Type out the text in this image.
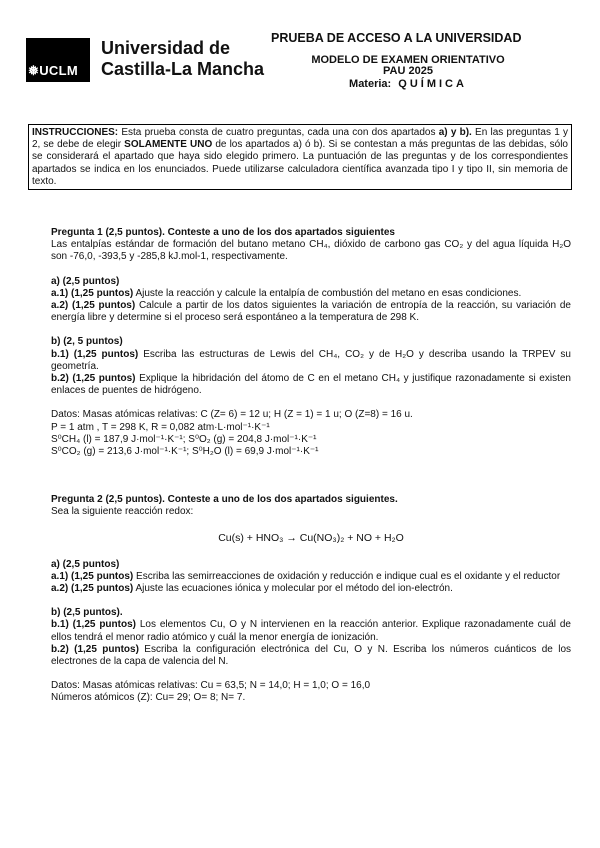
❅UCLM
Universidad de
Castilla-La Mancha
PRUEBA DE ACCESO A LA UNIVERSIDAD
MODELO DE EXAMEN ORIENTATIVO
PAU 2025
Materia: QUÍMICA
INSTRUCCIONES: Esta prueba consta de cuatro preguntas, cada una con dos apartados a) y b). En las preguntas 1 y 2, se debe de elegir SOLAMENTE UNO de los apartados a) ó b). Si se contestan a más preguntas de las debidas, sólo se considerará el apartado que haya sido elegido primero. La puntuación de las preguntas y de los correspondientes apartados se indica en los enunciados. Puede utilizarse calculadora científica avanzada tipo I y tipo II, sin memoria de texto.

Pregunta 1 (2,5 puntos). Conteste a uno de los dos apartados siguientes

Las entalpías estándar de formación del butano metano CH₄, dióxido de carbono gas CO₂ y del agua líquida H₂O son -76,0, -393,5 y -285,8 kJ.mol-1, respectivamente.

a) (2,5 puntos)

a.1) (1,25 puntos) Ajuste la reacción y calcule la entalpía de combustión del metano en esas condiciones.

a.2) (1,25 puntos) Calcule a partir de los datos siguientes la variación de entropía de la reacción, su variación de energía libre y determine si el proceso será espontáneo a la temperatura de 298 K.

b) (2, 5 puntos)

b.1) (1,25 puntos) Escriba las estructuras de Lewis del CH₄, CO₂ y de H₂O y describa usando la TRPEV su geometría.

b.2) (1,25 puntos) Explique la hibridación del átomo de C en el metano CH₄ y justifique razonadamente si existen enlaces de puentes de hidrógeno.

Datos: Masas atómicas relativas: C (Z= 6) = 12 u; H (Z = 1) = 1 u; O (Z=8) = 16 u.

P = 1 atm , T = 298 K, R = 0,082 atm·L·mol⁻¹·K⁻¹

S⁰CH₄ (l) = 187,9 J·mol⁻¹·K⁻¹; S⁰O₂ (g) = 204,8 J·mol⁻¹·K⁻¹

S⁰CO₂ (g) = 213,6 J·mol⁻¹·K⁻¹; S⁰H₂O (l) = 69,9 J·mol⁻¹·K⁻¹

Pregunta 2 (2,5 puntos). Conteste a uno de los dos apartados siguientes.

Sea la siguiente reacción redox:

Cu(s) + HNO₃ → Cu(NO₃)₂ + NO + H₂O

a) (2,5 puntos)

a.1) (1,25 puntos) Escriba las semirreacciones de oxidación y reducción e indique cual es el oxidante y el reductor

a.2) (1,25 puntos) Ajuste las ecuaciones iónica y molecular por el método del ion-electrón.

b) (2,5 puntos).

b.1) (1,25 puntos) Los elementos Cu, O y N intervienen en la reacción anterior. Explique razonadamente cuál de ellos tendrá el menor radio atómico y cuál la menor energía de ionización.

b.2) (1,25 puntos) Escriba la configuración electrónica del Cu, O y N. Escriba los números cuánticos de los electrones de la capa de valencia del N.

Datos: Masas atómicas relativas: Cu = 63,5; N = 14,0; H = 1,0; O = 16,0

Números atómicos (Z): Cu= 29; O= 8; N= 7.
